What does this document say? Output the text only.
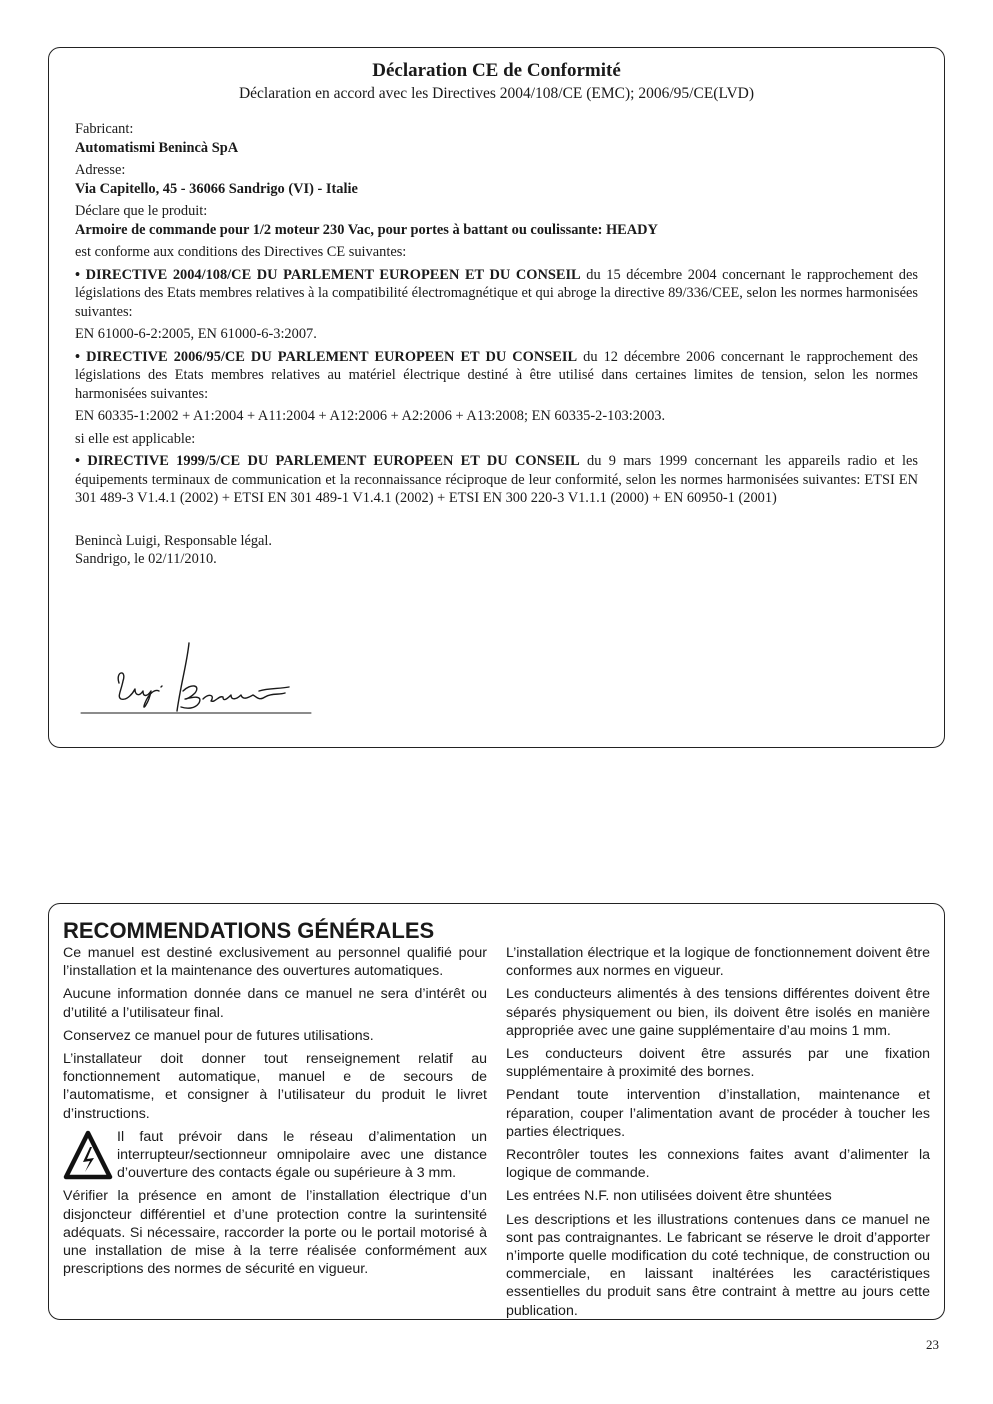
Déclaration CE de Conformité
Déclaration en accord avec les Directives 2004/108/CE (EMC); 2006/95/CE(LVD)

Fabricant:

Automatismi Benincà SpA

Adresse:

Via Capitello, 45 - 36066 Sandrigo (VI) - Italie

Déclare que le produit:

Armoire de commande pour 1/2 moteur 230 Vac, pour portes à battant ou coulissante: HEADY

est conforme aux conditions des Directives CE suivantes:

• DIRECTIVE 2004/108/CE DU PARLEMENT EUROPEEN ET DU CONSEIL du 15 décembre 2004 concernant le rapprochement des législations des Etats membres relatives à la compatibilité électromagnétique et qui abroge la directive 89/336/CEE, selon les normes harmonisées suivantes:

EN 61000-6-2:2005, EN 61000-6-3:2007.

• DIRECTIVE 2006/95/CE DU PARLEMENT EUROPEEN ET DU CONSEIL du 12 décembre 2006 concernant le rapprochement des législations des Etats membres relatives au matériel électrique destiné à être utilisé dans certaines limites de tension, selon les normes harmonisées suivantes:

EN 60335-1:2002 + A1:2004 + A11:2004 + A12:2006 + A2:2006 + A13:2008; EN 60335-2-103:2003.

si elle est applicable:

• DIRECTIVE 1999/5/CE DU PARLEMENT EUROPEEN ET DU CONSEIL du 9 mars 1999 concernant les appareils radio et les équipements terminaux de communication et la reconnaissance réciproque de leur conformité, selon les normes harmonisées suivantes: ETSI EN 301 489-3 V1.4.1 (2002) + ETSI EN 301 489-1 V1.4.1 (2002) + ETSI EN 300 220-3 V1.1.1 (2000) + EN 60950-1 (2001)

Benincà Luigi, Responsable légal.

Sandrigo, le 02/11/2010.

RECOMMENDATIONS GÉNÉRALES

Ce manuel est destiné exclusivement au personnel qualifié pour l’installation et la maintenance des ouvertures automatiques.

Aucune information donnée dans ce manuel ne sera d’intérêt ou d’utilité a l’utilisateur final.

Conservez ce manuel pour de futures utilisations.

L’installateur doit donner tout renseignement relatif au fonctionnement automatique, manuel e de secours de l’automatisme, et consigner à l’utilisateur du produit le livret d’instructions.

Il faut prévoir dans le réseau d’alimentation un interrupteur/sectionneur omnipolaire avec une distance d’ouverture des contacts égale ou supérieure à 3 mm.

Vérifier la présence en amont de l’installation électrique d’un disjoncteur différentiel et d’une protection contre la surintensité adéquats. Si nécessaire, raccorder la porte ou le portail motorisé à une installation de mise à la terre réalisée conformément aux prescriptions des normes de sécurité en vigueur.

L’installation électrique et la logique de fonctionnement doivent être conformes aux normes en vigueur.

Les conducteurs alimentés à des tensions différentes doivent être séparés physiquement ou bien, ils doivent être isolés en manière appropriée avec une gaine supplémentaire d’au moins 1 mm.

Les conducteurs doivent être assurés par une fixation supplémentaire à proximité des bornes.

Pendant toute intervention d’installation, maintenance et réparation, couper l’alimentation avant de procéder à toucher les parties électriques.

Recontrôler toutes les connexions faites avant d’alimenter la logique de commande.

Les entrées N.F. non utilisées doivent être shuntées

Les descriptions et les illustrations contenues dans ce manuel ne sont pas contraignantes. Le fabricant se réserve le droit d’apporter n’importe quelle modification du coté technique, de construction ou commerciale, en laissant inaltérées les caractéristiques essentielles du produit sans être contraint à mettre au jours cette publication.

23
